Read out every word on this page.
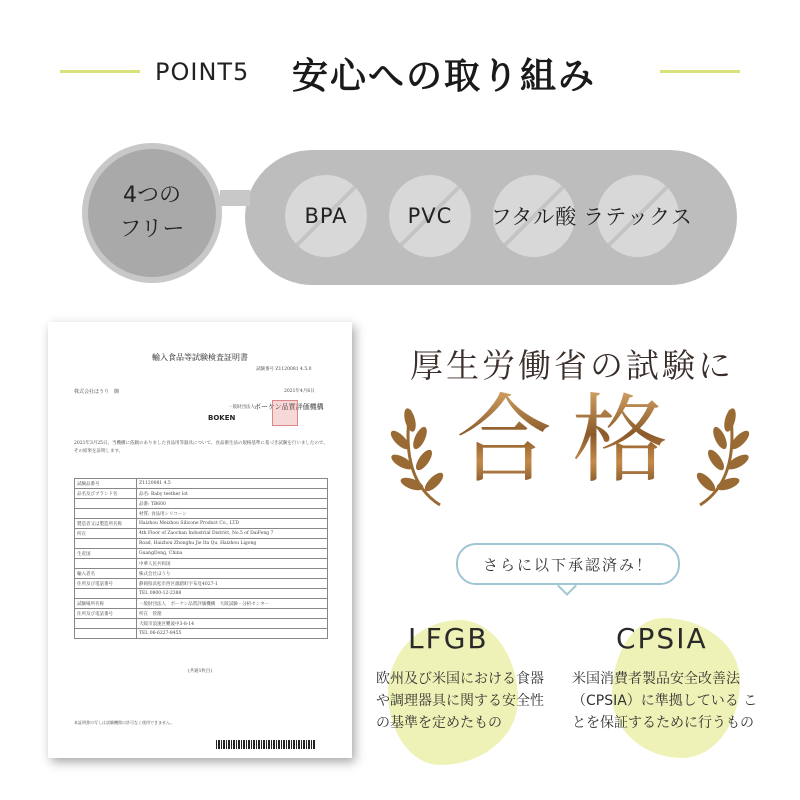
POINT5 安心への取り組み
4つの
フリー
BPA	PVC フタル酸 ラテックス
輸入食品等試験検査証明書
試験番号 Z1120081 4.5.0
株式会社ほうり　御	2021年4月6日
一般財団法人 ボーケン品質評価機構
BOKEN
2021年3月25日、当機構に依頼のありました食品用等器具について、食品衛生法の規格基準に基づき試験を行いましたので、その結果を証明します。
試験品番号	Z1120081 4.5
品名及びブランド名	品名: Baby teether lot
	品番: TB600
	材質: 食品用シリコーン
製造者又は製造所名称	Haizhou Meizhou Silicone Product Co., LTD
所在	4th Floor of Zaochan Industrial District, No.5 of DaiFeng 7
	Road, Haizhou Zhonghu Jie Ita Qu, Haizhou Ligong
生産国	GuangDong, China
	中華人民共和国
輸入者名	株式会社ほうり
住所及び電話番号	静岡県浜松市西区雄踏町宇布見4027-1
	TEL 0800-12-2388
試験場所名称	一般財団法人　ボーケン品質評価機構　大阪試験・分析センター
住所及び電話番号	所在　管理
	大阪市浪速区難波中3-8-14
	TEL 06-6227-8455
(共通1枚目)
本証明書の写しは試験機関の許可なく使用できません。
厚生労働省の試験に
合格
さらに以下承認済み！
LFGB
欧州及び米国における食器
や調理器具に関する安全性
の基準を定めたもの
CPSIA
米国消費者製品安全改善法
（CPSIA）に準拠している こ
とを保証するために行うもの
